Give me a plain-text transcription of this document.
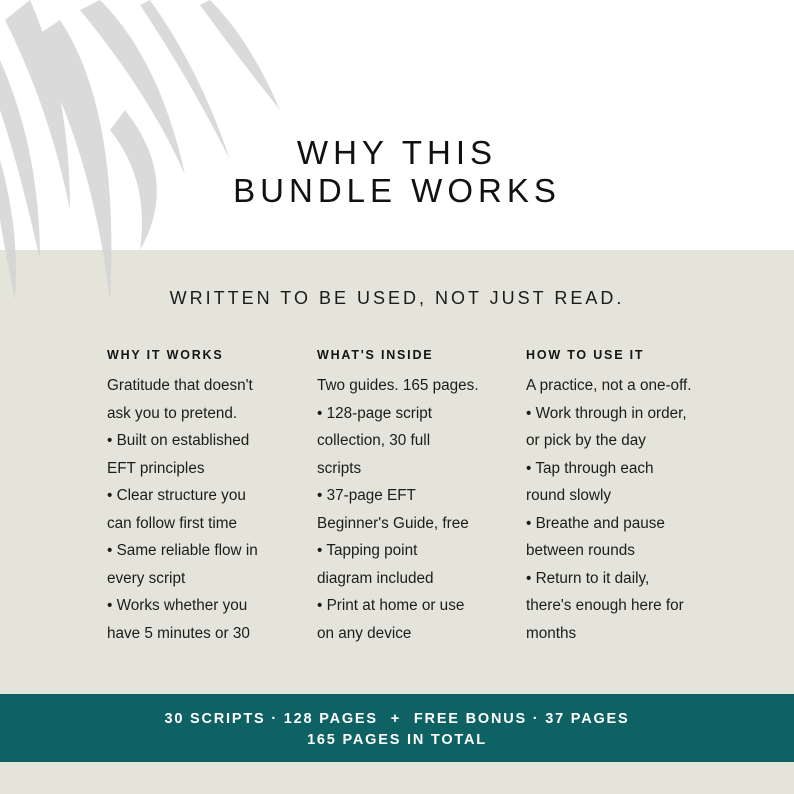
WHY THIS
BUNDLE WORKS
WRITTEN TO BE USED, NOT JUST READ.
WHY IT WORKS
Gratitude that doesn't
ask you to pretend.
• Built on established
EFT principles
• Clear structure you
can follow first time
• Same reliable flow in
every script
• Works whether you
have 5 minutes or 30
WHAT'S INSIDE
Two guides. 165 pages.
• 128-page script
collection, 30 full
scripts
• 37-page EFT
Beginner's Guide, free
• Tapping point
diagram included
• Print at home or use
on any device
HOW TO USE IT
A practice, not a one-off.
• Work through in order,
or pick by the day
• Tap through each
round slowly
• Breathe and pause
between rounds
• Return to it daily,
there's enough here for
months
30 SCRIPTS · 128 PAGES + FREE BONUS · 37 PAGES
165 PAGES IN TOTAL
